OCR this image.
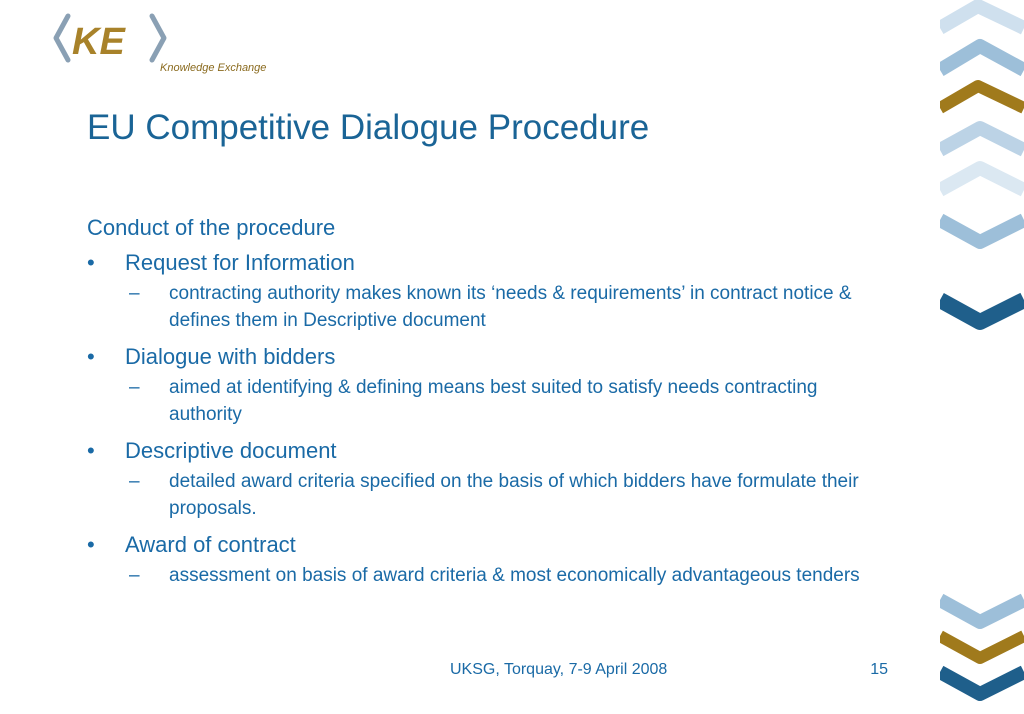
KE
Knowledge Exchange
EU Competitive Dialogue Procedure
Conduct of the procedure
•	Request for Information
– contracting authority makes known its ‘needs & requirements’ in contract notice & defines them in Descriptive document
•	Dialogue with bidders
– aimed at identifying & defining means best suited to satisfy needs contracting authority
•	Descriptive document
– detailed award criteria specified on the basis of which bidders have formulate their proposals.
•	Award of contract
– assessment on basis of award criteria & most economically advantageous tenders
UKSG, Torquay, 7-9 April 2008	15
